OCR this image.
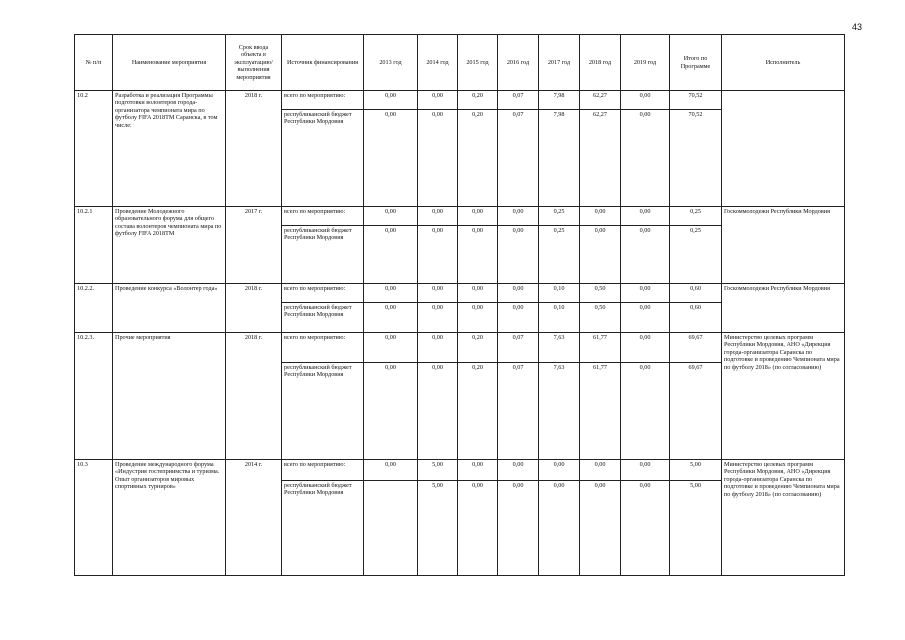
43
№ п/п	Наименование мероприятия	Срок ввода объекта в эксплуатацию/ выполнения мероприятия	Источник финансирования	2013 год	2014 год	2015 год	2016 год	2017 год	2018 год	2019 год	Итого по Программе	Исполнитель
10.2	Разработка и реализация Программы подготовки волонтеров города-организатора чемпионата мира по футболу FIFA 2018TM Саранска, в том числе:	2018 г.	всего по мероприятию:	0,00	0,00	0,20	0,07	7,98	62,27	0,00	70,52	
			республиканский бюджет Республики Мордовия	0,00	0,00	0,20	0,07	7,98	62,27	0,00	70,52	
10.2.1	Проведение Молодежного образовательного форума для общего состава волонтеров чемпионата мира по футболу FIFA 2018TM	2017 г.	всего по мероприятию:	0,00	0,00	0,00	0,00	0,25	0,00	0,00	0,25	Госкоммолодежи Республики Мордовия
			республиканский бюджет Республики Мордовия	0,00	0,00	0,00	0,00	0,25	0,00	0,00	0,25	
10.2.2.	Проведение конкурса «Волонтер года»	2018 г.	всего по мероприятию:	0,00	0,00	0,00	0,00	0,10	0,50	0,00	0,60	Госкоммолодежи Республики Мордовия
			республиканский бюджет Республики Мордовия	0,00	0,00	0,00	0,00	0,10	0,50	0,00	0,60	
10.2.3.	Прочие мероприятия	2018 г.	всего по мероприятию:	0,00	0,00	0,20	0,07	7,63	61,77	0,00	69,67	Министерство целевых программ Республики Мордовия, АНО «Дирекция города-организатора Саранска по подготовке и проведению Чемпионата мира по футболу 2018» (по согласованию)
			республиканский бюджет Республики Мордовия	0,00	0,00	0,20	0,07	7,63	61,77	0,00	69,67	
10.3	Проведение международного форума «Индустрия гостеприимства и туризма. Опыт организаторов мировых спортивных турниров»	2014 г.	всего по мероприятию:	0,00	5,00	0,00	0,00	0,00	0,00	0,00	5,00	Министерство целевых программ Республики Мордовия, АНО «Дирекция города-организатора Саранска по подготовке и проведению Чемпионата мира по футболу 2018» (по согласованию)
			республиканский бюджет Республики Мордовия		5,00	0,00	0,00	0,00	0,00	0,00	5,00	
